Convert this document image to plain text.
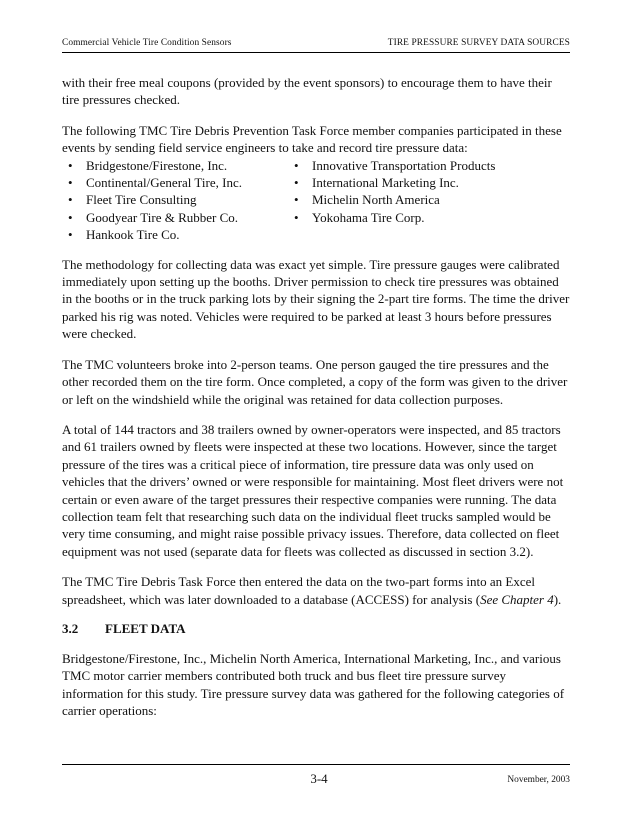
Commercial Vehicle Tire Condition Sensors	TIRE PRESSURE SURVEY DATA SOURCES

with their free meal coupons (provided by the event sponsors) to encourage them to have their tire pressures checked.

The following TMC Tire Debris Prevention Task Force member companies participated in these events by sending field service engineers to take and record tire pressure data:

• Bridgestone/Firestone, Inc.
• Continental/General Tire, Inc.
• Fleet Tire Consulting
• Goodyear Tire & Rubber Co.
• Hankook Tire Co.
• Innovative Transportation Products
• International Marketing Inc.
• Michelin North America
• Yokohama Tire Corp.

The methodology for collecting data was exact yet simple. Tire pressure gauges were calibrated immediately upon setting up the booths. Driver permission to check tire pressures was obtained in the booths or in the truck parking lots by their signing the 2-part tire forms. The time the driver parked his rig was noted. Vehicles were required to be parked at least 3 hours before pressures were checked.

The TMC volunteers broke into 2-person teams. One person gauged the tire pressures and the other recorded them on the tire form. Once completed, a copy of the form was given to the driver or left on the windshield while the original was retained for data collection purposes.

A total of 144 tractors and 38 trailers owned by owner-operators were inspected, and 85 tractors and 61 trailers owned by fleets were inspected at these two locations. However, since the target pressure of the tires was a critical piece of information, tire pressure data was only used on vehicles that the drivers’ owned or were responsible for maintaining. Most fleet drivers were not certain or even aware of the target pressures their respective companies were running. The data collection team felt that researching such data on the individual fleet trucks sampled would be very time consuming, and might raise possible privacy issues. Therefore, data collected on fleet equipment was not used (separate data for fleets was collected as discussed in section 3.2).

The TMC Tire Debris Task Force then entered the data on the two-part forms into an Excel spreadsheet, which was later downloaded to a database (ACCESS) for analysis (See Chapter 4).

3.2 FLEET DATA

Bridgestone/Firestone, Inc., Michelin North America, International Marketing, Inc., and various TMC motor carrier members contributed both truck and bus fleet tire pressure survey information for this study. Tire pressure survey data was gathered for the following categories of carrier operations:

3-4	November, 2003
